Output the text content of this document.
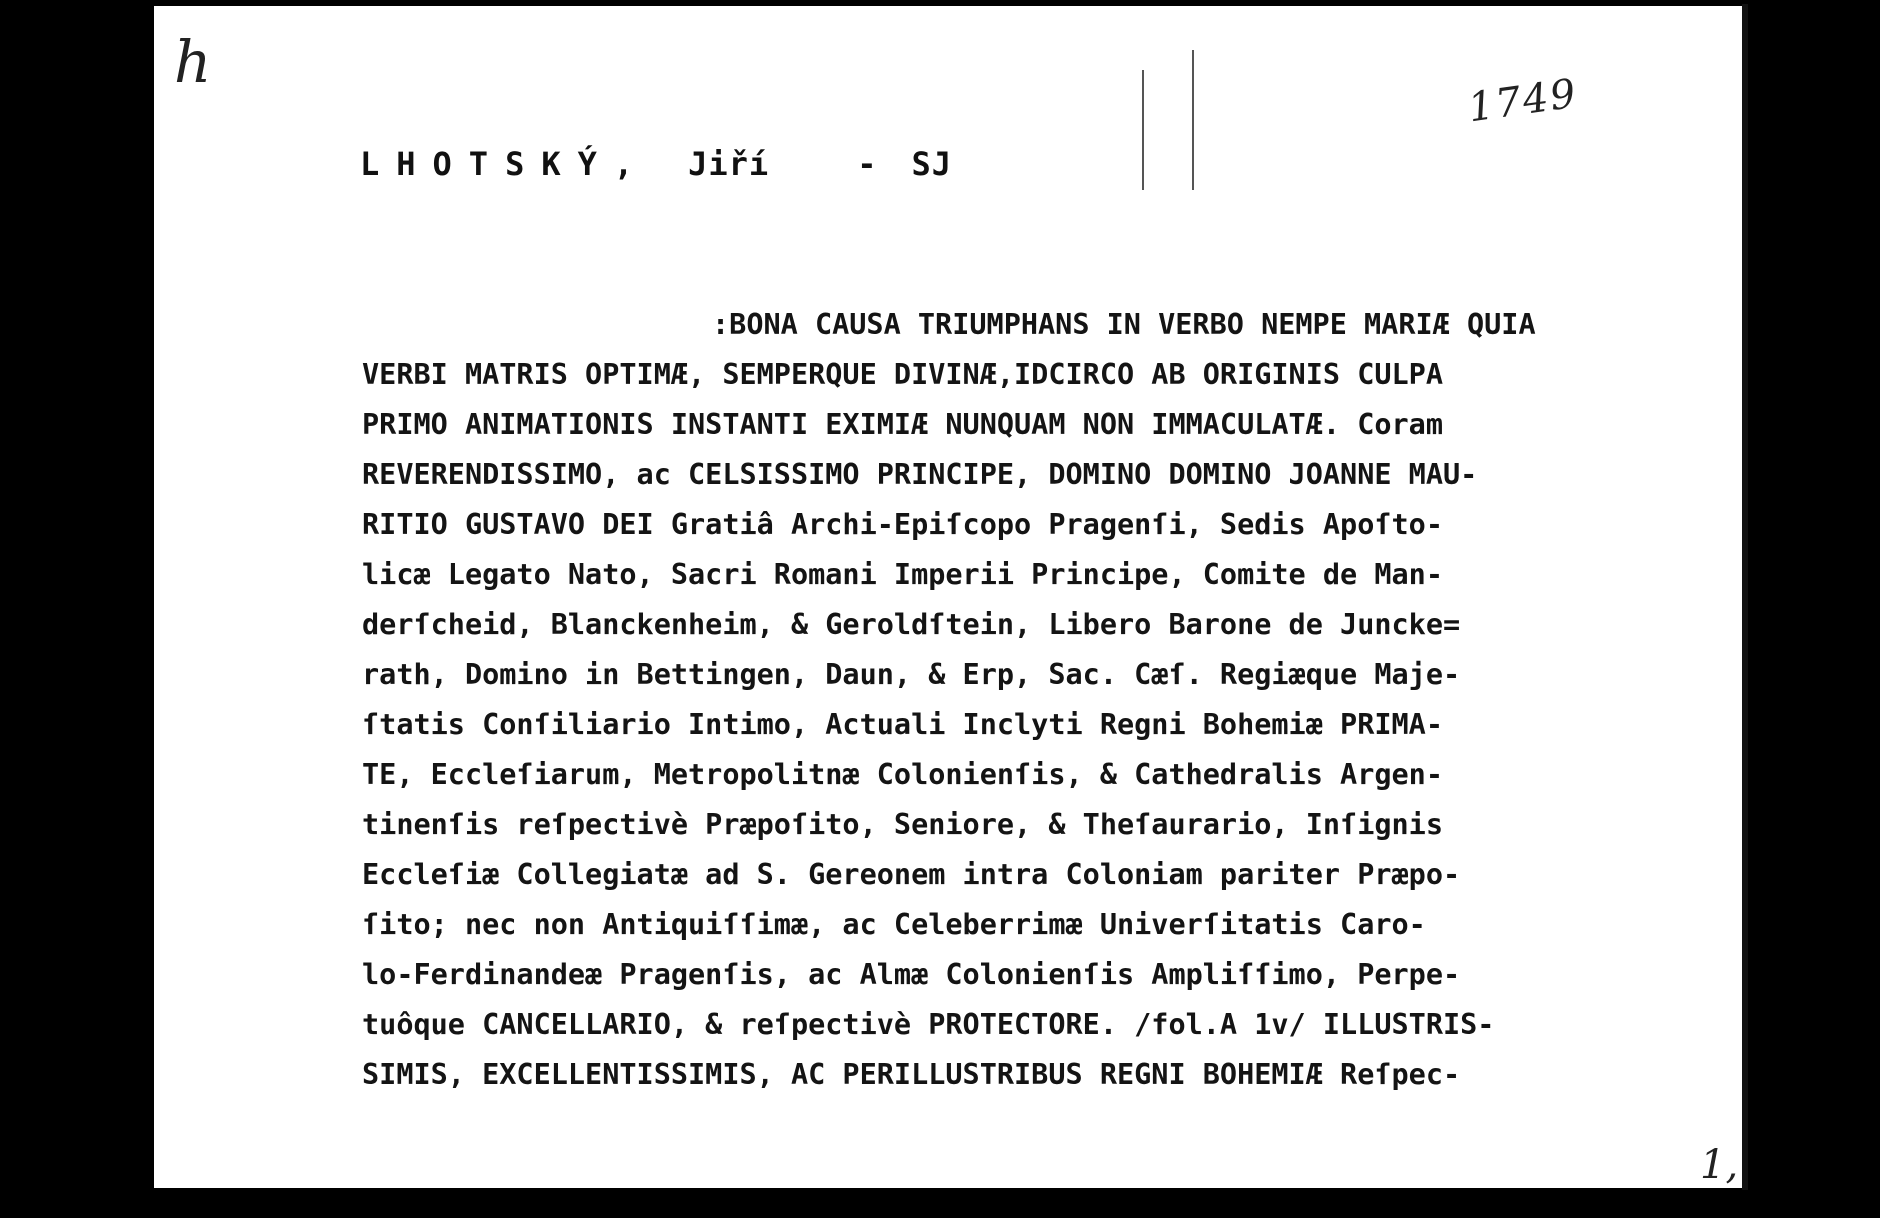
h
1749
1,
LHOTSKÝ, Jiří	- SJ
:BONA CAUSA TRIUMPHANS IN VERBO NEMPE MARIÆ QUIA
VERBI MATRIS OPTIMÆ, SEMPERQUE DIVINÆ,IDCIRCO AB ORIGINIS CULPA
PRIMO ANIMATIONIS INSTANTI EXIMIÆ NUNQUAM NON IMMACULATÆ. Coram
REVERENDISSIMO, ac CELSISSIMO PRINCIPE, DOMINO DOMINO JOANNE MAU-
RITIO GUSTAVO DEI Gratiâ Archi-Epiſcopo Pragenſi, Sedis Apoſto-
licæ Legato Nato, Sacri Romani Imperii Principe, Comite de Man-
derſcheid, Blanckenheim, & Geroldſtein, Libero Barone de Juncke=
rath, Domino in Bettingen, Daun, & Erp, Sac. Cæſ. Regiæque Maje-
ſtatis Conſiliario Intimo, Actuali Inclyti Regni Bohemiæ PRIMA-
TE, Eccleſiarum, Metropolitnæ Colonienſis, & Cathedralis Argen-
tinenſis reſpectivè Præpoſito, Seniore, & Theſaurario, Inſignis
Eccleſiæ Collegiatæ ad S. Gereonem intra Coloniam pariter Præpo-
ſito; nec non Antiquiſſimæ, ac Celeberrimæ Univerſitatis Caro-
lo-Ferdinandeæ Pragenſis, ac Almæ Colonienſis Ampliſſimo, Perpe-
tuôque CANCELLARIO, & reſpectivè PROTECTORE. /fol.A 1v/ ILLUSTRIS-
SIMIS, EXCELLENTISSIMIS, AC PERILLUSTRIBUS REGNI BOHEMIÆ Reſpec-
